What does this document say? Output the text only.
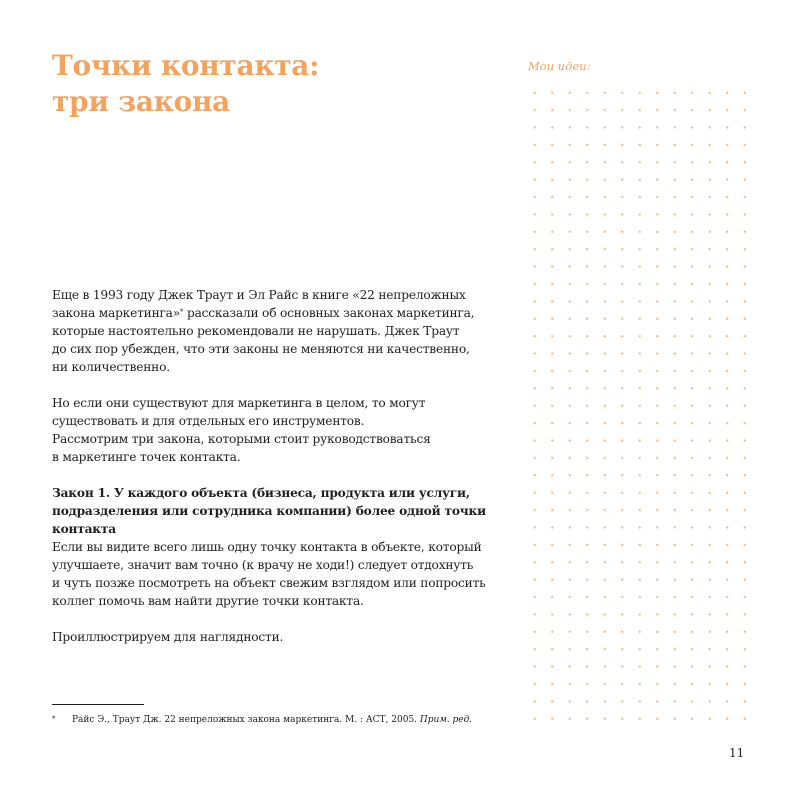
Точки контакта:
три закона
Мои идеи:

Еще в 1993 году Джек Траут и Эл Райс в книге «22 непреложных
закона маркетинга»* рассказали об основных законах маркетинга,
которые настоятельно рекомендовали не нарушать. Джек Траут
до сих пор убежден, что эти законы не меняются ни качественно,
ни количественно.

Но если они существуют для маркетинга в целом, то могут
существовать и для отдельных его инструментов.
Рассмотрим три закона, которыми стоит руководствоваться
в маркетинге точек контакта.

Закон 1. У каждого объекта (бизнеса, продукта или услуги,
подразделения или сотрудника компании) более одной точки
контакта

Если вы видите всего лишь одну точку контакта в объекте, который
улучшаете, значит вам точно (к врачу не ходи!) следует отдохнуть
и чуть позже посмотреть на объект свежим взглядом или попросить
коллег помочь вам найти другие точки контакта.

Проиллюстрируем для наглядности.

* Райс Э., Траут Дж. 22 непреложных закона маркетинга. М. : АСТ, 2005. Прим. ред.
11
